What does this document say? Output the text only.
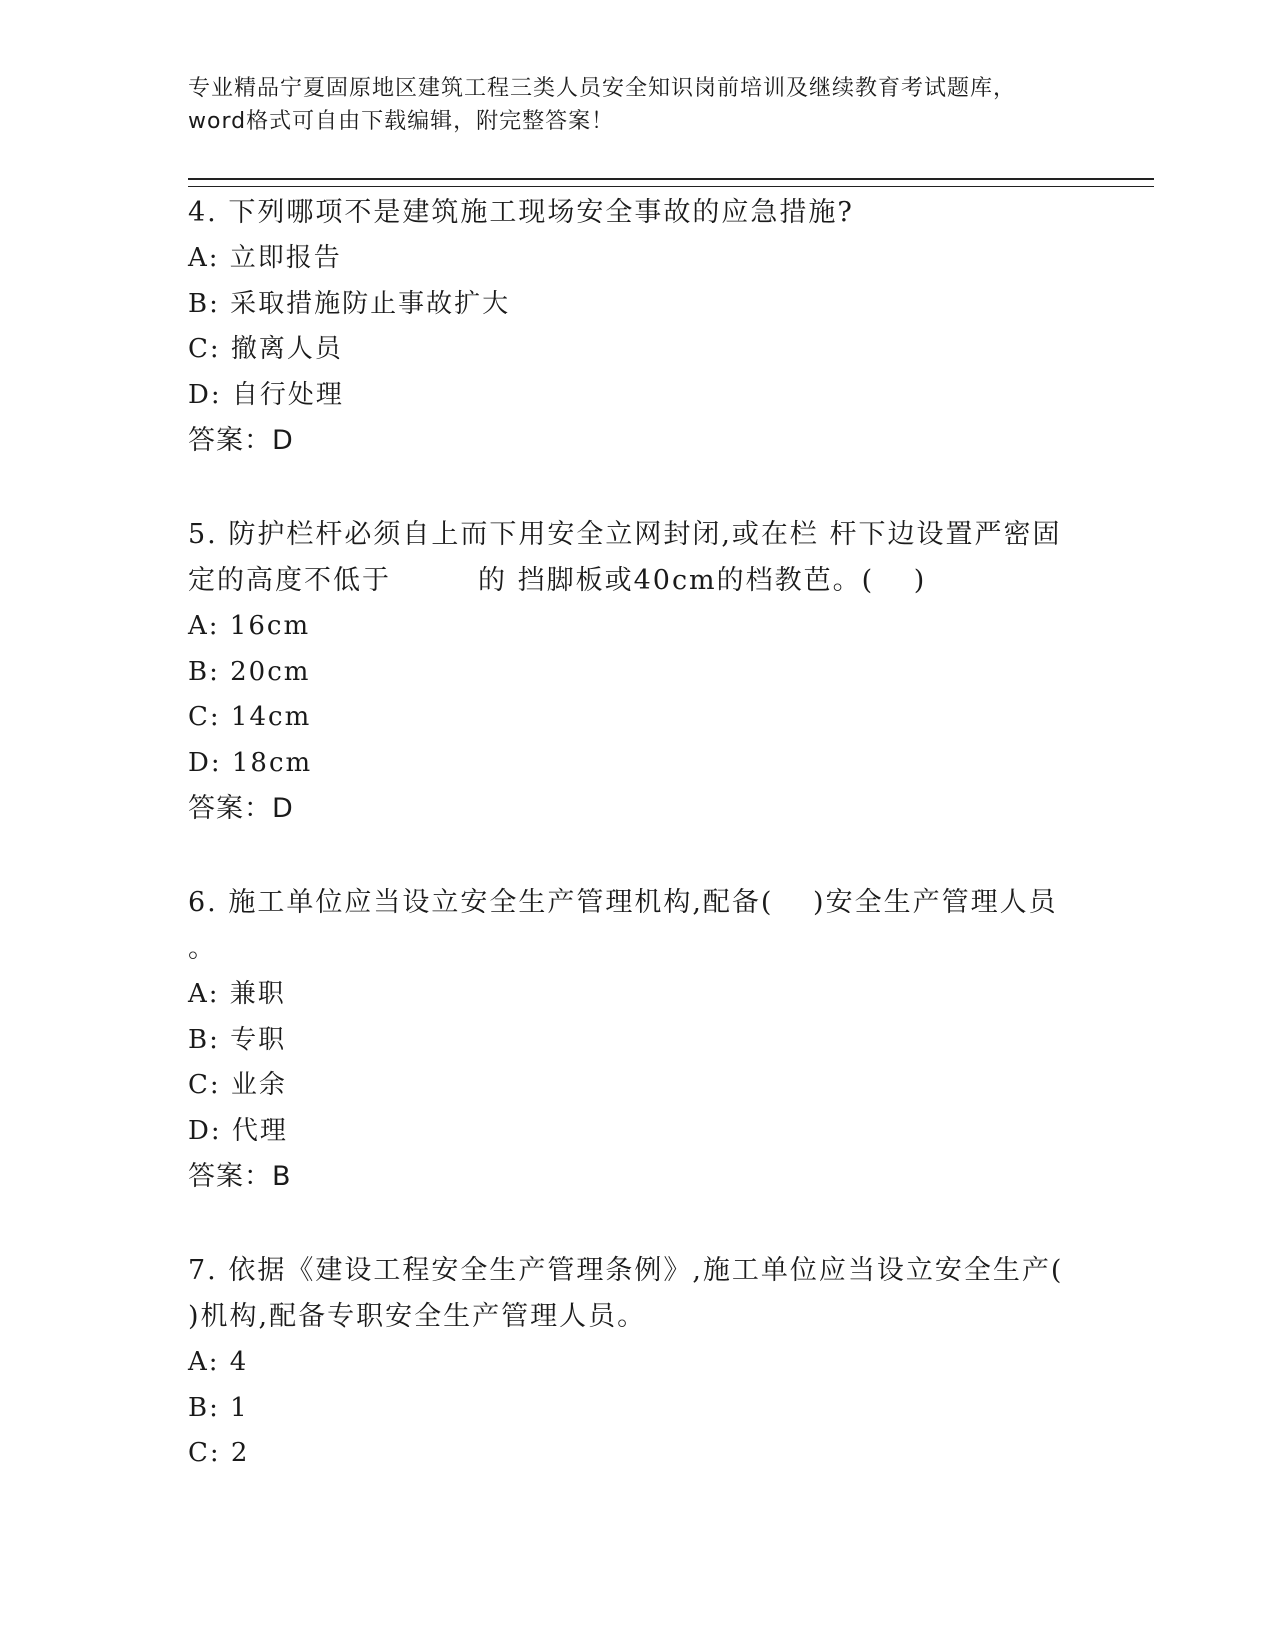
专业精品宁夏固原地区建筑工程三类人员安全知识岗前培训及继续教育考试题库，
word格式可自由下载编辑，附完整答案！

4. 下列哪项不是建筑施工现场安全事故的应急措施?

A: 立即报告

B: 采取措施防止事故扩大

C: 撤离人员

D: 自行处理

答案：D

5. 防护栏杆必须自上而下用安全立网封闭,或在栏 杆下边设置严密固

定的高度不低于　　　的 挡脚板或40cm的档教芭。(　 )

A: 16cm

B: 20cm

C: 14cm

D: 18cm

答案：D

6. 施工单位应当设立安全生产管理机构,配备(　 )安全生产管理人员

。

A: 兼职

B: 专职

C: 业余

D: 代理

答案：B

7. 依据《建设工程安全生产管理条例》,施工单位应当设立安全生产(

)机构,配备专职安全生产管理人员。

A: 4

B: 1

C: 2
